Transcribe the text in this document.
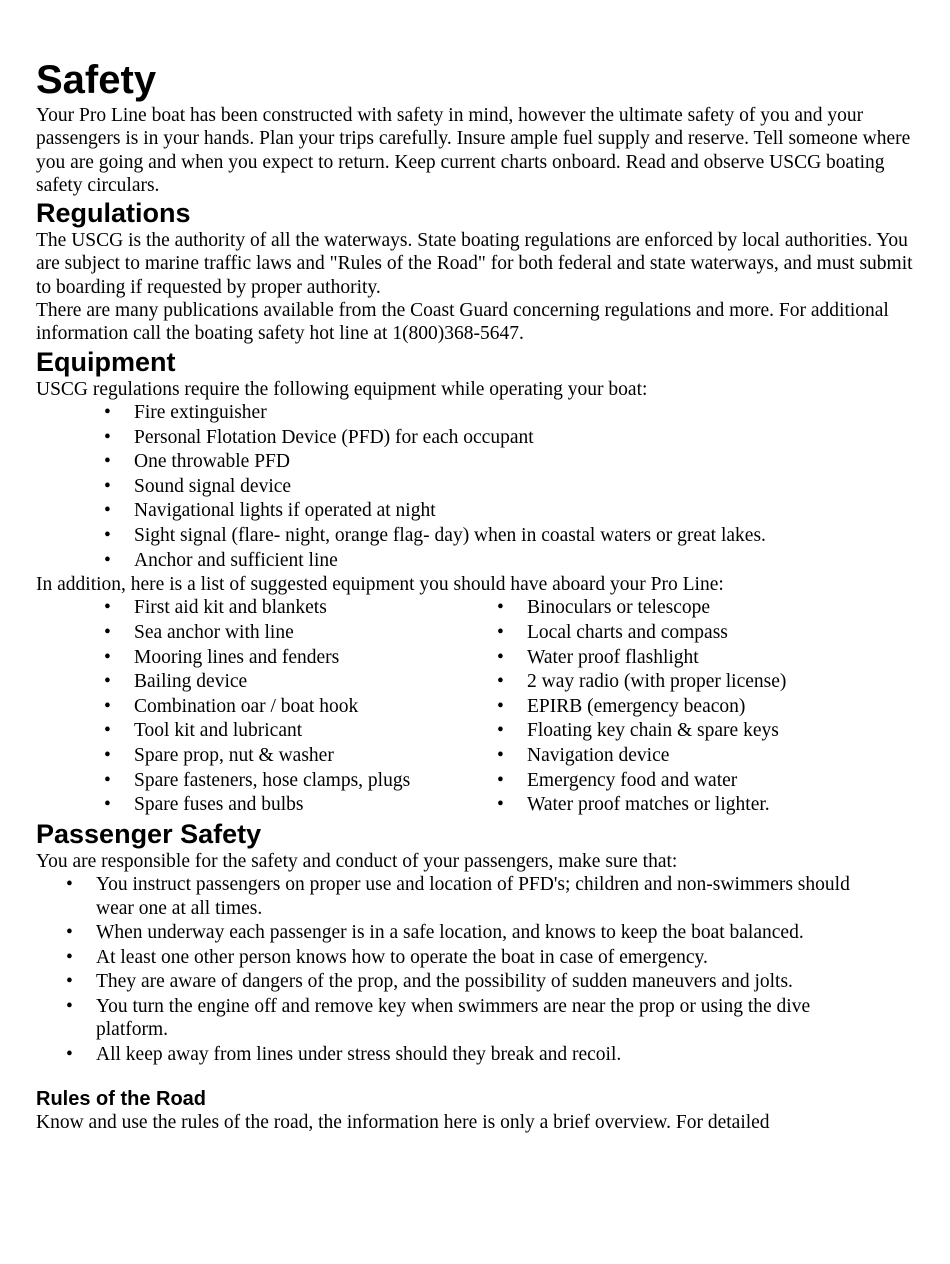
Safety

Your Pro Line boat has been constructed with safety in mind, however the ultimate safety of you and your passengers is in your hands. Plan your trips carefully. Insure ample fuel supply and reserve. Tell someone where you are going and when you expect to return. Keep current charts onboard. Read and observe USCG boating safety circulars.

Regulations

The USCG is the authority of all the waterways. State boating regulations are enforced by local authorities. You are subject to marine traffic laws and "Rules of the Road" for both federal and state waterways, and must submit to boarding if requested by proper authority.

There are many publications available from the Coast Guard concerning regulations and more. For additional information call the boating safety hot line at 1(800)368-5647.

Equipment

USCG regulations require the following equipment while operating your boat:

• Fire extinguisher
• Personal Flotation Device (PFD) for each occupant
• One throwable PFD
• Sound signal device
• Navigational lights if operated at night
• Sight signal (flare- night, orange flag- day) when in coastal waters or great lakes.
• Anchor and sufficient line

In addition, here is a list of suggested equipment you should have aboard your Pro Line:

• First aid kit and blankets
• Sea anchor with line
• Mooring lines and fenders
• Bailing device
• Combination oar / boat hook
• Tool kit and lubricant
• Spare prop, nut & washer
• Spare fasteners, hose clamps, plugs
• Spare fuses and bulbs
• Binoculars or telescope
• Local charts and compass
• Water proof flashlight
• 2 way radio (with proper license)
• EPIRB (emergency beacon)
• Floating key chain & spare keys
• Navigation device
• Emergency food and water
• Water proof matches or lighter.
Passenger Safety

You are responsible for the safety and conduct of your passengers, make sure that:

• You instruct passengers on proper use and location of PFD's; children and non-swimmers should wear one at all times.
• When underway each passenger is in a safe location, and knows to keep the boat balanced.
• At least one other person knows how to operate the boat in case of emergency.
• They are aware of dangers of the prop, and the possibility of sudden maneuvers and jolts.
• You turn the engine off and remove key when swimmers are near the prop or using the dive platform.
• All keep away from lines under stress should they break and recoil.
Rules of the Road

Know and use the rules of the road, the information here is only a brief overview. For detailed
